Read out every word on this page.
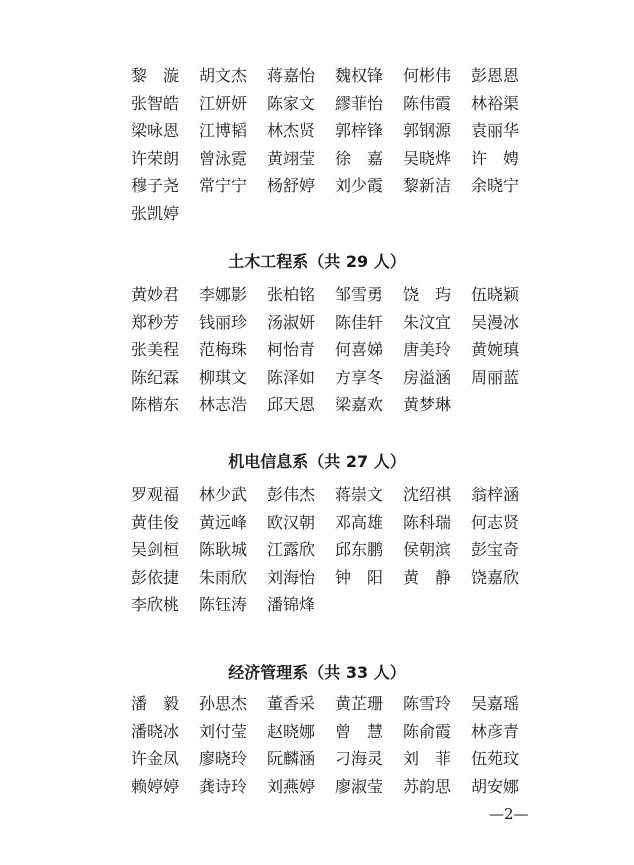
黎　漩	胡文杰	蒋嘉怡	魏权锋	何彬伟	彭恩恩
张智皓	江妍妍	陈家文	繆菲怡	陈伟霞	林裕渠
梁咏恩	江博韬	林杰贤	郭梓锋	郭钢源	袁丽华
许荣朗	曾泳霓	黄翊莹	徐　嘉	吴晓烨	许　娉
穆子尧	常宁宁	杨舒婷	刘少霞	黎新洁	余晓宁
张凯婷
土木工程系（共 29 人）
黄妙君	李娜影	张柏铭	邹雪勇	饶　玙	伍晓颖
郑秒芳	钱丽珍	汤淑妍	陈佳轩	朱汶宜	吴漫冰
张美程	范梅珠	柯怡青	何喜娣	唐美玲	黄婉瑱
陈纪霖	柳琪文	陈泽如	方享冬	房溢涵	周丽蓝
陈楷东	林志浩	邱天恩	梁嘉欢	黄梦琳
机电信息系（共 27 人）
罗观福	林少武	彭伟杰	蒋崇文	沈绍祺	翁梓涵
黄佳俊	黄远峰	欧汉朝	邓高雄	陈科瑞	何志贤
吴剑桓	陈耿城	江露欣	邱东鹏	侯朝滨	彭宝奇
彭依捷	朱雨欣	刘海怡	钟　阳	黄　静	饶嘉欣
李欣桃	陈钰涛	潘锦烽
经济管理系（共 33 人）
潘　毅	孙思杰	董香采	黄芷珊	陈雪玲	吴嘉瑶
潘晓冰	刘付莹	赵晓娜	曾　慧	陈俞霞	林彦青
许金凤	廖晓玲	阮麟涵	刁海灵	刘　菲	伍苑玟
赖婷婷	龚诗玲	刘燕婷	廖淑莹	苏韵思	胡安娜
—2—
